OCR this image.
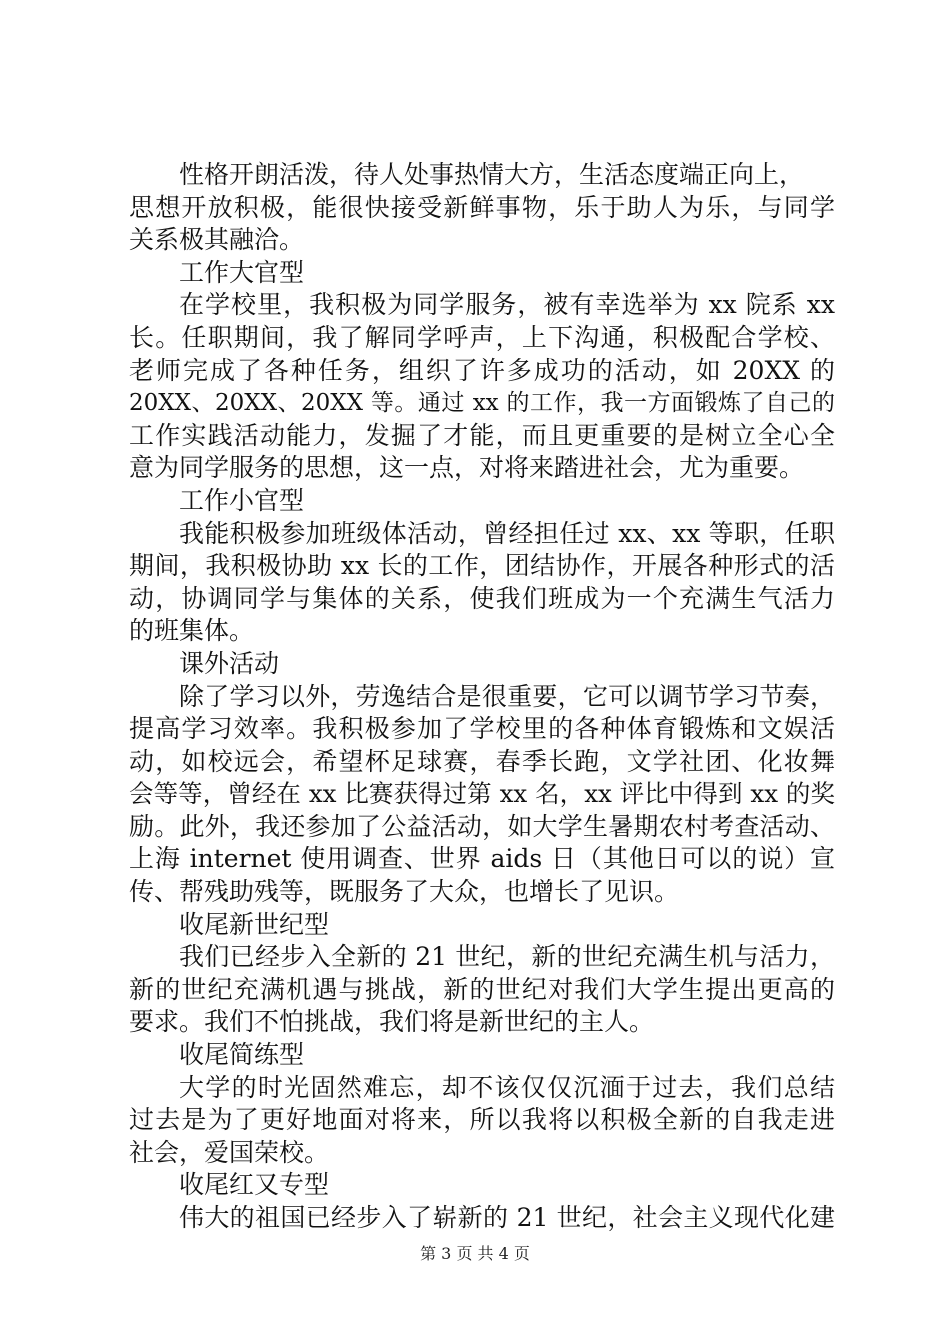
性格开朗活泼，待人处事热情大方，生活态度端正向上，
思想开放积极，能很快接受新鲜事物，乐于助人为乐，与同学
关系极其融洽。
工作大官型
在学校里，我积极为同学服务，被有幸选举为 xx 院系 xx
长。任职期间，我了解同学呼声，上下沟通，积极配合学校、
老师完成了各种任务，组织了许多成功的活动，如 20XX 的
20XX、20XX、20XX 等。通过 xx 的工作，我一方面锻炼了自己的
工作实践活动能力，发掘了才能，而且更重要的是树立全心全
意为同学服务的思想，这一点，对将来踏进社会，尤为重要。
工作小官型
我能积极参加班级体活动，曾经担任过 xx、xx 等职，任职
期间，我积极协助 xx 长的工作，团结协作，开展各种形式的活
动，协调同学与集体的关系，使我们班成为一个充满生气活力
的班集体。
课外活动
除了学习以外，劳逸结合是很重要，它可以调节学习节奏，
提高学习效率。我积极参加了学校里的各种体育锻炼和文娱活
动，如校远会，希望杯足球赛，春季长跑，文学社团、化妆舞
会等等，曾经在 xx 比赛获得过第 xx 名，xx 评比中得到 xx 的奖
励。此外，我还参加了公益活动，如大学生暑期农村考查活动、
上海 internet 使用调查、世界 aids 日（其他日可以的说）宣
传、帮残助残等，既服务了大众，也增长了见识。
收尾新世纪型
我们已经步入全新的 21 世纪，新的世纪充满生机与活力，
新的世纪充满机遇与挑战，新的世纪对我们大学生提出更高的
要求。我们不怕挑战，我们将是新世纪的主人。
收尾简练型
大学的时光固然难忘，却不该仅仅沉湎于过去，我们总结
过去是为了更好地面对将来，所以我将以积极全新的自我走进
社会，爱国荣校。
收尾红又专型
伟大的祖国已经步入了崭新的 21 世纪，社会主义现代化建
第 3 页 共 4 页
